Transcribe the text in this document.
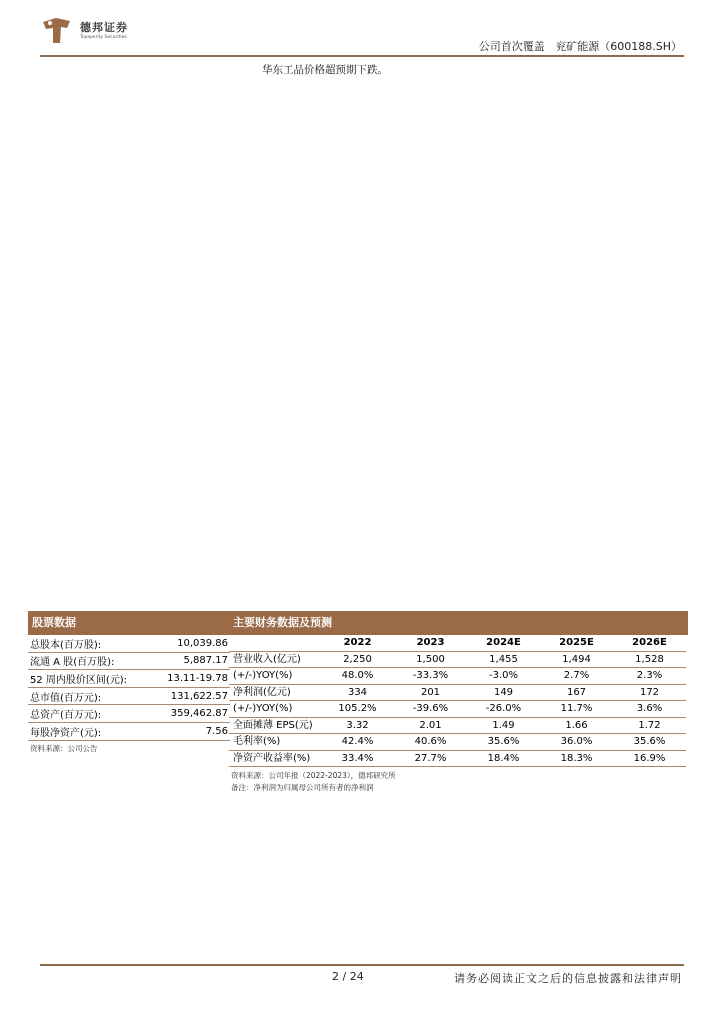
德邦证券
Topsperity Securities
公司首次覆盖 兖矿能源（600188.SH）
华东工品价格超预期下跌。
股票数据
总股本(百万股):	10,039.86
流通 A 股(百万股):	5,887.17
52 周内股价区间(元):	13.11-19.78
总市值(百万元):	131,622.57
总资产(百万元):	359,462.87
每股净资产(元):	7.56
资料来源：公司公告
主要财务数据及预测
2022	2023	2024E	2025E	2026E
营业收入(亿元)	2,250	1,500	1,455	1,494	1,528
(+/-)YOY(%)	48.0%	-33.3%	-3.0%	2.7%	2.3%
净利润(亿元)	334	201	149	167	172
(+/-)YOY(%)	105.2%	-39.6%	-26.0%	11.7%	3.6%
全面摊薄 EPS(元)	3.32	2.01	1.49	1.66	1.72
毛利率(%)	42.4%	40.6%	35.6%	36.0%	35.6%
净资产收益率(%)	33.4%	27.7%	18.4%	18.3%	16.9%
资料来源：公司年报（2022-2023），德邦研究所
备注：净利润为归属母公司所有者的净利润
2 / 24	请务必阅读正文之后的信息披露和法律声明
